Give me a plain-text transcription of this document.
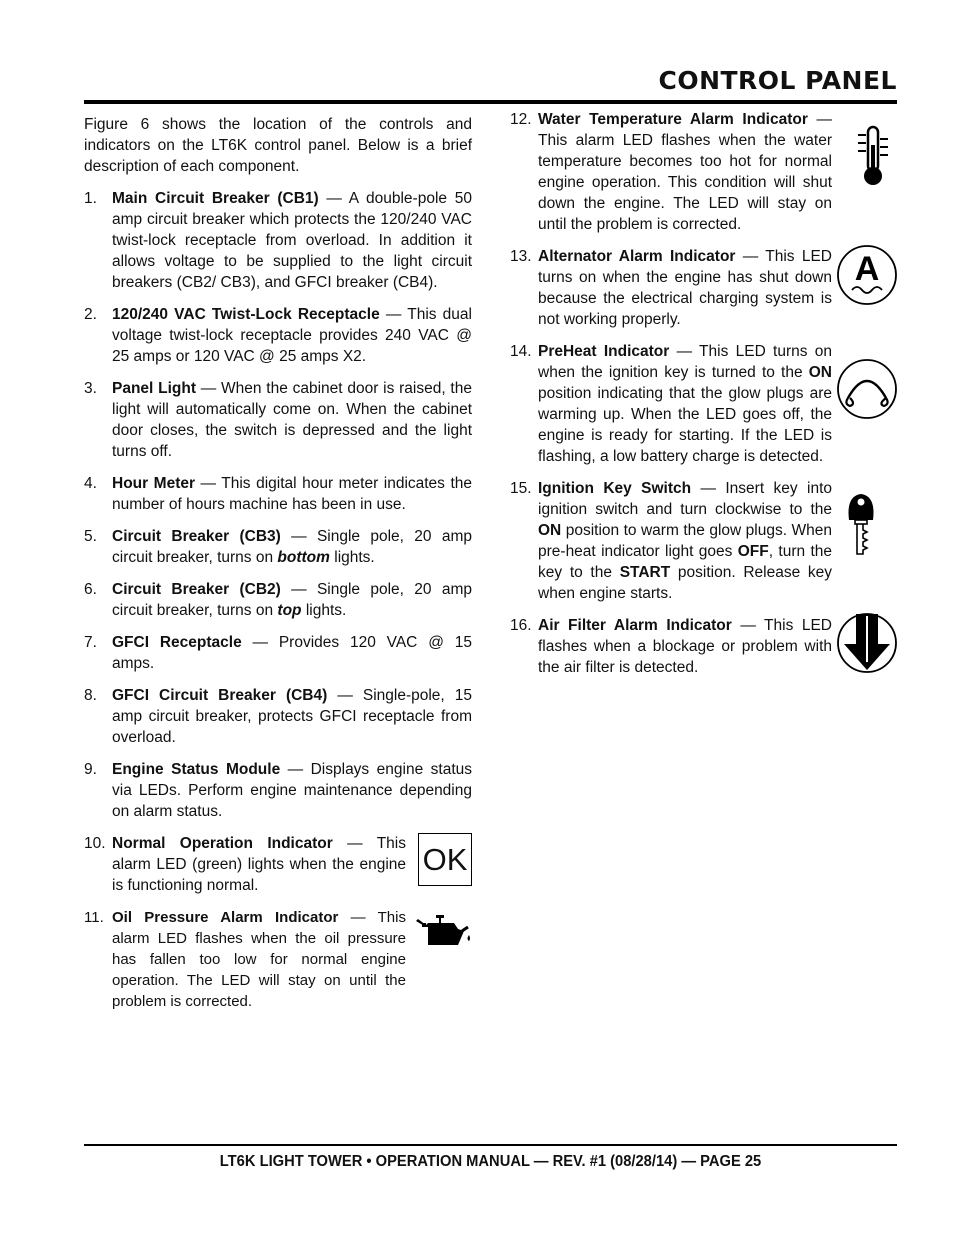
CONTROL PANEL

Figure 6 shows the location of the controls and indicators on the LT6K control panel. Below is a brief description of each component.

1. Main Circuit Breaker (CB1) — A double-pole 50 amp circuit breaker which protects the 120/240 VAC twist-lock receptacle from overload. In addition it allows voltage to be supplied to the light circuit breakers (CB2/ CB3), and GFCI breaker (CB4).
2. 120/240 VAC Twist-Lock Receptacle — This dual voltage twist-lock receptacle provides 240 VAC @ 25 amps or 120 VAC @ 25 amps X2.
3. Panel Light — When the cabinet door is raised, the light will automatically come on. When the cabinet door closes, the switch is depressed and the light turns off.
4. Hour Meter — This digital hour meter indicates the number of hours machine has been in use.
5. Circuit Breaker (CB3) — Single pole, 20 amp circuit breaker, turns on bottom lights.
6. Circuit Breaker (CB2) — Single pole, 20 amp circuit breaker, turns on top lights.
7. GFCI Receptacle — Provides 120 VAC @ 15 amps.
8. GFCI Circuit Breaker (CB4) — Single-pole, 15 amp circuit breaker, protects GFCI receptacle from overload.
9. Engine Status Module — Displays engine status via LEDs. Perform engine maintenance depending on alarm status.
10. Normal Operation Indicator — This alarm LED (green) lights when the engine is functioning normal.
OK
11. Oil Pressure Alarm Indicator — This alarm LED flashes when the oil pressure has fallen too low for normal engine operation. The LED will stay on until the problem is corrected.
12. Water Temperature Alarm Indicator — This alarm LED flashes when the water temperature becomes too hot for normal engine operation. This condition will shut down the engine. The LED will stay on until the problem is corrected.
13. Alternator Alarm Indicator — This LED turns on when the engine has shut down because the electrical charging system is not working properly.
A
14. PreHeat Indicator — This LED turns on when the ignition key is turned to the ON position indicating that the glow plugs are warming up. When the LED goes off, the engine is ready for starting. If the LED is flashing, a low battery charge is detected.
15. Ignition Key Switch — Insert key into ignition switch and turn clockwise to the ON position to warm the glow plugs. When pre-heat indicator light goes OFF, turn the key to the START position. Release key when engine starts.
16. Air Filter Alarm Indicator — This LED flashes when a blockage or problem with the air filter is detected.
LT6K LIGHT TOWER • OPERATION MANUAL — REV. #1 (08/28/14) — PAGE 25
